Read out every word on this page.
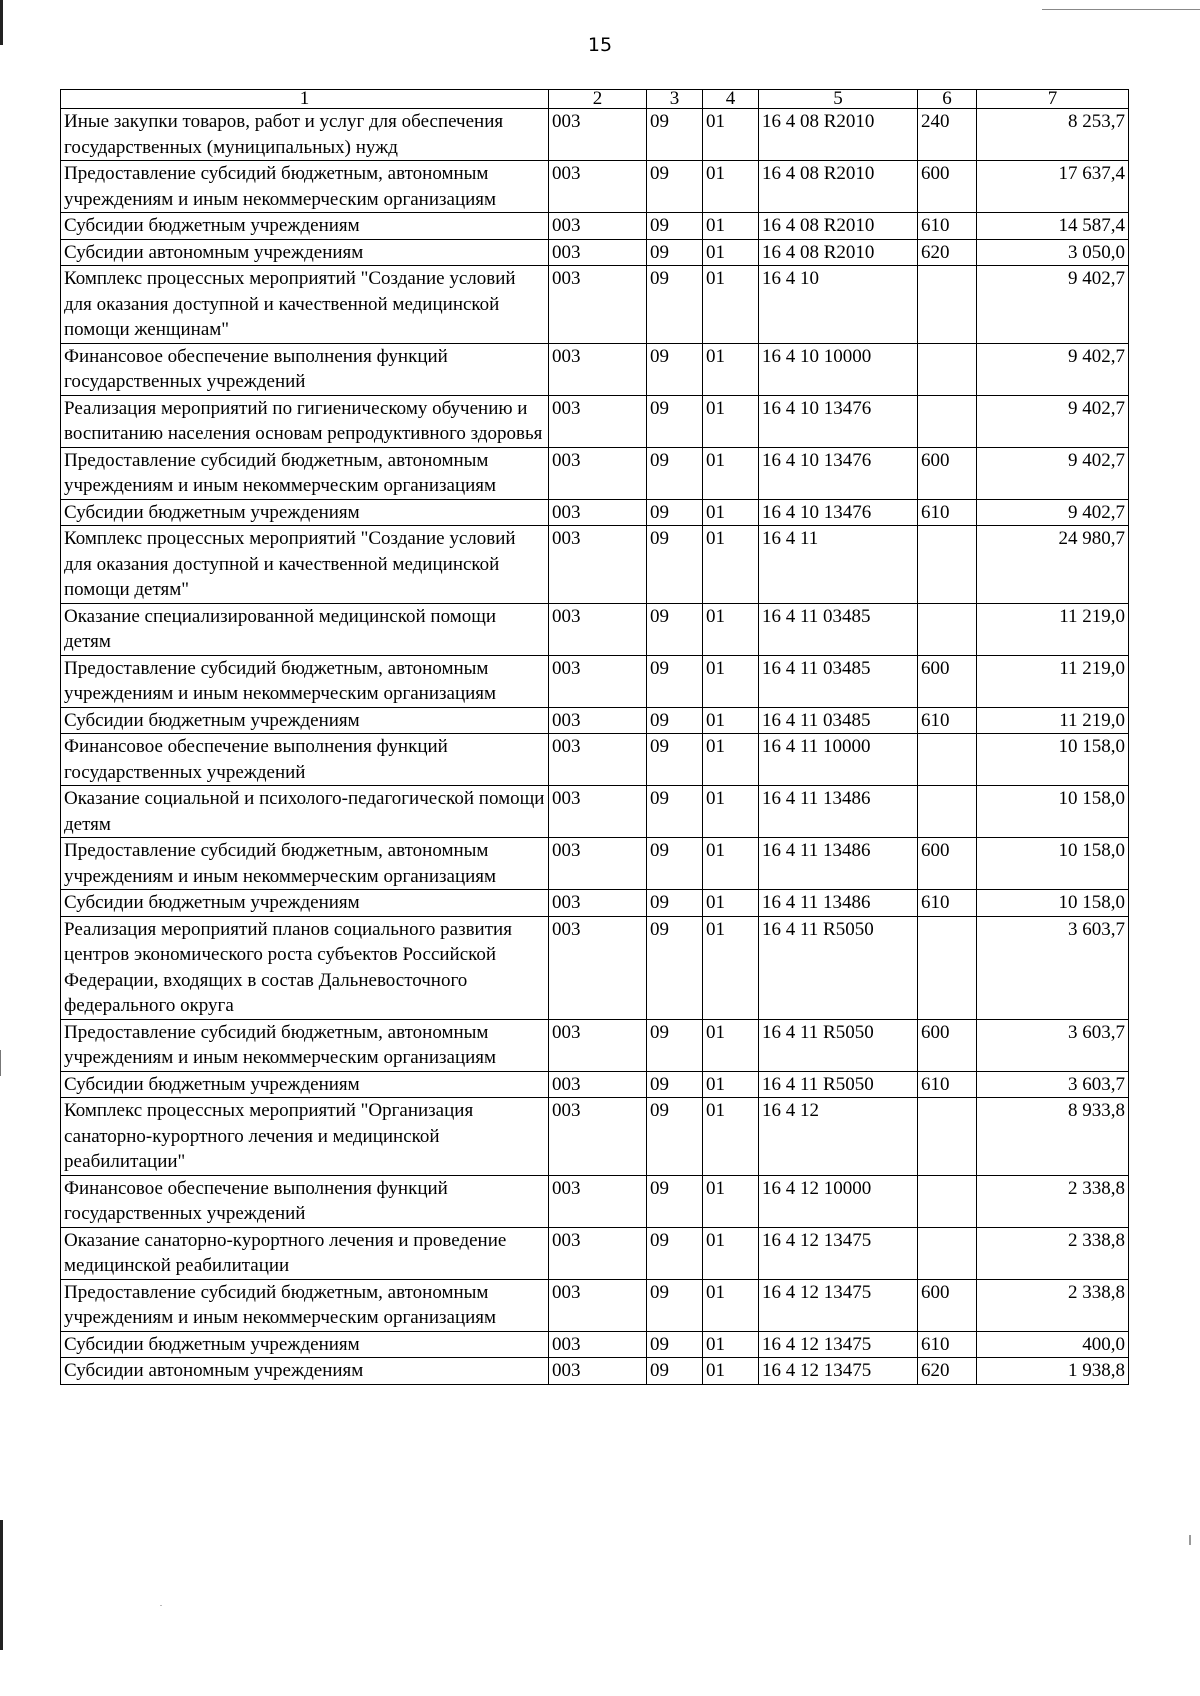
15
1	2	3	4	5	6	7
Иные закупки товаров, работ и услуг для обеспечения государственных (муниципальных) нужд	003	09	01	16 4 08 R2010	240	8 253,7
Предоставление субсидий бюджетным, автономным учреждениям и иным некоммерческим организациям	003	09	01	16 4 08 R2010	600	17 637,4
Субсидии бюджетным учреждениям	003	09	01	16 4 08 R2010	610	14 587,4
Субсидии автономным учреждениям	003	09	01	16 4 08 R2010	620	3 050,0
Комплекс процессных мероприятий "Создание условий для оказания доступной и качественной медицинской помощи женщинам"	003	09	01	16 4 10		9 402,7
Финансовое обеспечение выполнения функций государственных учреждений	003	09	01	16 4 10 10000		9 402,7
Реализация мероприятий по гигиеническому обучению и воспитанию населения основам репродуктивного здоровья	003	09	01	16 4 10 13476		9 402,7
Предоставление субсидий бюджетным, автономным учреждениям и иным некоммерческим организациям	003	09	01	16 4 10 13476	600	9 402,7
Субсидии бюджетным учреждениям	003	09	01	16 4 10 13476	610	9 402,7
Комплекс процессных мероприятий "Создание условий для оказания доступной и качественной медицинской помощи детям"	003	09	01	16 4 11		24 980,7
Оказание специализированной медицинской помощи детям	003	09	01	16 4 11 03485		11 219,0
Предоставление субсидий бюджетным, автономным учреждениям и иным некоммерческим организациям	003	09	01	16 4 11 03485	600	11 219,0
Субсидии бюджетным учреждениям	003	09	01	16 4 11 03485	610	11 219,0
Финансовое обеспечение выполнения функций государственных учреждений	003	09	01	16 4 11 10000		10 158,0
Оказание социальной и психолого-педагогической помощи детям	003	09	01	16 4 11 13486		10 158,0
Предоставление субсидий бюджетным, автономным учреждениям и иным некоммерческим организациям	003	09	01	16 4 11 13486	600	10 158,0
Субсидии бюджетным учреждениям	003	09	01	16 4 11 13486	610	10 158,0
Реализация мероприятий планов социального развития центров экономического роста субъектов Российской Федерации, входящих в состав Дальневосточного федерального округа	003	09	01	16 4 11 R5050		3 603,7
Предоставление субсидий бюджетным, автономным учреждениям и иным некоммерческим организациям	003	09	01	16 4 11 R5050	600	3 603,7
Субсидии бюджетным учреждениям	003	09	01	16 4 11 R5050	610	3 603,7
Комплекс процессных мероприятий "Организация санаторно-курортного лечения и медицинской реабилитации"	003	09	01	16 4 12		8 933,8
Финансовое обеспечение выполнения функций государственных учреждений	003	09	01	16 4 12 10000		2 338,8
Оказание санаторно-курортного лечения и проведение медицинской реабилитации	003	09	01	16 4 12 13475		2 338,8
Предоставление субсидий бюджетным, автономным учреждениям и иным некоммерческим организациям	003	09	01	16 4 12 13475	600	2 338,8
Субсидии бюджетным учреждениям	003	09	01	16 4 12 13475	610	400,0
Субсидии автономным учреждениям	003	09	01	16 4 12 13475	620	1 938,8
